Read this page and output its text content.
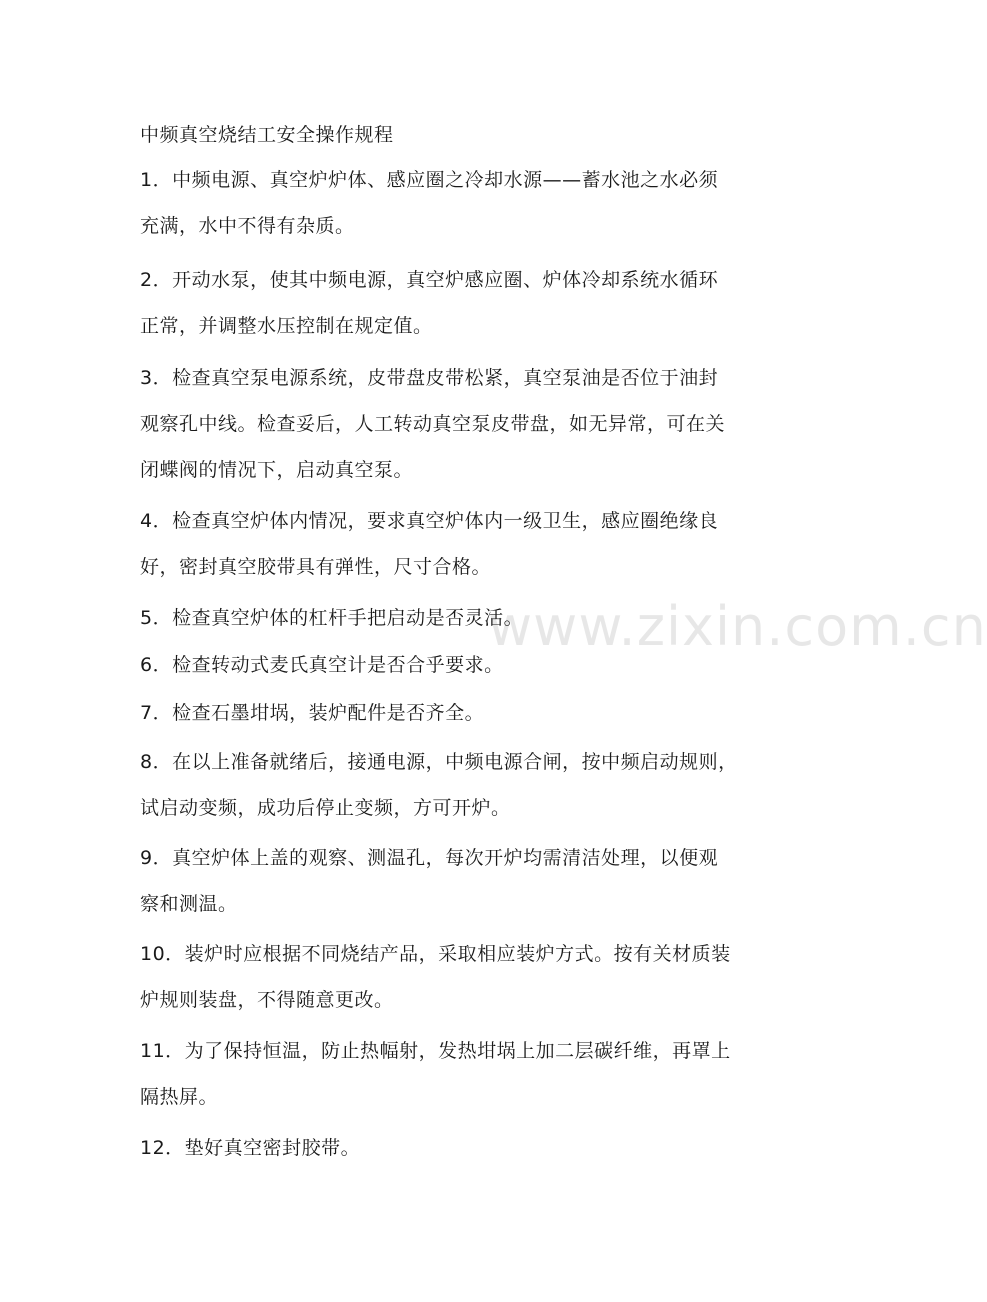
中频真空烧结工安全操作规程
1．中频电源、真空炉炉体、感应圈之冷却水源——蓄水池之水必须
充满，水中不得有杂质。
2．开动水泵，使其中频电源，真空炉感应圈、炉体冷却系统水循环
正常，并调整水压控制在规定值。
3．检查真空泵电源系统，皮带盘皮带松紧，真空泵油是否位于油封
观察孔中线。检查妥后，人工转动真空泵皮带盘，如无异常，可在关
闭蝶阀的情况下，启动真空泵。
4．检查真空炉体内情况，要求真空炉体内一级卫生，感应圈绝缘良
好，密封真空胶带具有弹性，尺寸合格。
5．检查真空炉体的杠杆手把启动是否灵活。
6．检查转动式麦氏真空计是否合乎要求。
7．检查石墨坩埚，装炉配件是否齐全。
8．在以上准备就绪后，接通电源，中频电源合闸，按中频启动规则，
试启动变频，成功后停止变频，方可开炉。
9．真空炉体上盖的观察、测温孔，每次开炉均需清洁处理，以便观
察和测温。
10．装炉时应根据不同烧结产品，采取相应装炉方式。按有关材质装
炉规则装盘，不得随意更改。
11．为了保持恒温，防止热幅射，发热坩埚上加二层碳纤维，再罩上
隔热屏。
12．垫好真空密封胶带。
www.zixin.com.cn
